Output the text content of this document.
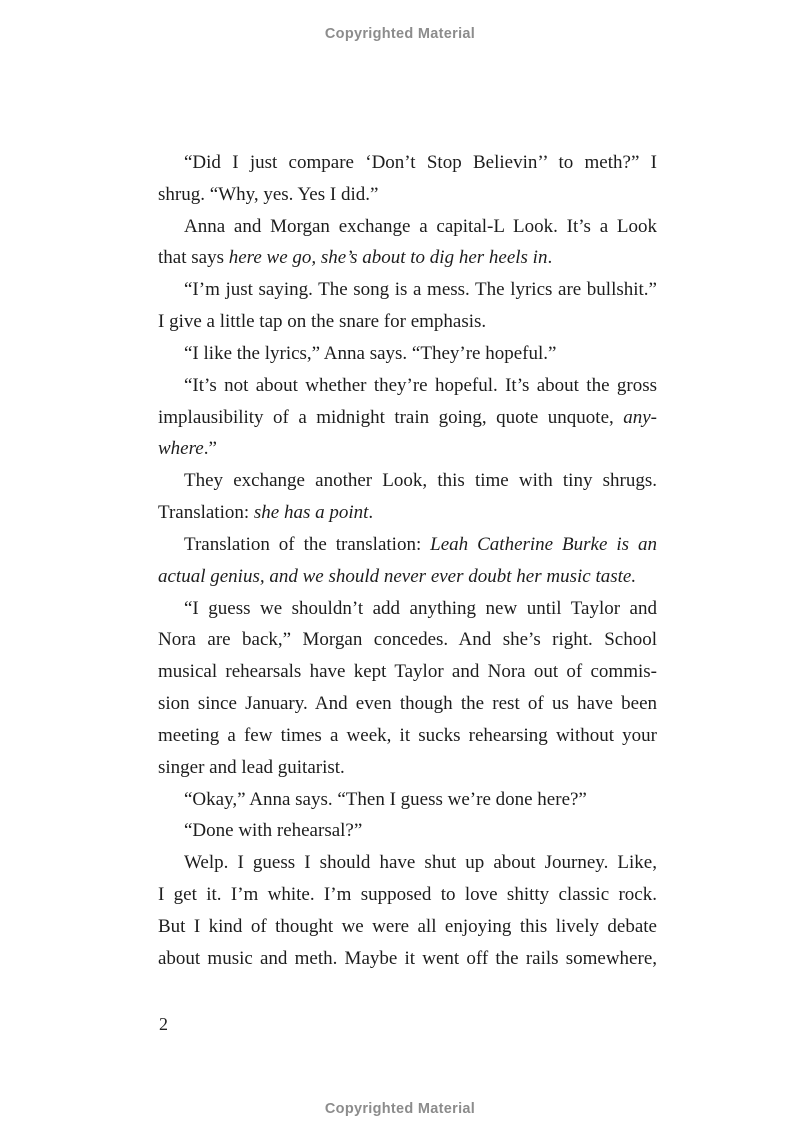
Copyrighted Material
“Did I just compare ‘Don’t Stop Believin’’ to meth?” I
shrug. “Why, yes. Yes I did.”
Anna and Morgan exchange a capital-L Look. It’s a Look
that says here we go, she’s about to dig her heels in.
“I’m just saying. The song is a mess. The lyrics are bullshit.”
I give a little tap on the snare for emphasis.
“I like the lyrics,” Anna says. “They’re hopeful.”
“It’s not about whether they’re hopeful. It’s about the gross
implausibility of a midnight train going, quote unquote, any-
where.”
They exchange another Look, this time with tiny shrugs.
Translation: she has a point.
Translation of the translation: Leah Catherine Burke is an
actual genius, and we should never ever doubt her music taste.
“I guess we shouldn’t add anything new until Taylor and
Nora are back,” Morgan concedes. And she’s right. School
musical rehearsals have kept Taylor and Nora out of commis-
sion since January. And even though the rest of us have been
meeting a few times a week, it sucks rehearsing without your
singer and lead guitarist.
“Okay,” Anna says. “Then I guess we’re done here?”
“Done with rehearsal?”
Welp. I guess I should have shut up about Journey. Like,
I get it. I’m white. I’m supposed to love shitty classic rock.
But I kind of thought we were all enjoying this lively debate
about music and meth. Maybe it went off the rails somewhere,
2
Copyrighted Material
